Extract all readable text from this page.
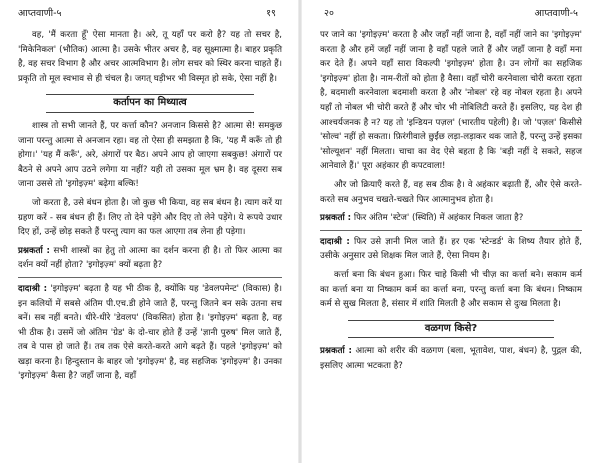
आप्तवाणी-५	१९

वह, 'मैं करता हूँ' ऐसा मानता है। अरे, तू यहाँ पर करो है? यह तो सचर है, 'मिकेनिकल' (भौतिक) आत्मा है। उसके भीतर अचर है, वह सूक्ष्मात्मा है। बाहर प्रकृति है, वह सचर विभाग है और अचर आत्मविभाग है। लोग सचर को स्थिर करना चाहते हैं। प्रकृति तो मूल स्वभाव से ही चंचल है। जगत् घड़ीभर भी विस्मृत हो सके, ऐसा नहीं है।

कर्तापन का मिथ्यात्व

शास्त्र तो सभी जानते हैं, पर कर्त्ता कौन? अनजान किससे है? आत्मा से! समकुछ जाना परन्तु आत्मा से अनजान रहा। वह तो ऐसा ही समझता है कि, 'यह मैं करूँ तो ही होगा।' 'यह मैं करूँ', अरे, अंगारों पर बैठ। अपने आप हो जाएगा सबकुछ! अंगारों पर बैठने से अपने आप उठने लगेगा या नहीं? यही तो उसका मूल भ्रम है। वह दूसरा सब जाना उससे तो 'इगोइज़्म' बढ़ेगा बल्कि!

जो करता है, उसे बंधन होता है। जो कुछ भी किया, वह सब बंधन है। त्याग करें या ग्रहण करें - सब बंधन ही हैं। लिए तो देने पड़ेंगे और दिए तो लेने पड़ेंगे। ये रूपये उधार दिए हों, उन्हें छोड़ सकते हैं परन्तु त्याग का फल आएगा तब लेना ही पड़ेगा।

प्रश्नकर्ता : सभी शास्त्रों का हेतु तो आत्मा का दर्शन करना ही है। तो फिर आत्मा का दर्शन क्यों नहीं होता? 'इगोइज़्म' क्यों बढ़ता है?

दादाश्री : 'इगोइज़्म' बढ़ता है यह भी ठीक है, क्योंकि यह 'डेवलपमेन्ट' (विकास) है। इन कलियों में सबसे अंतिम पी.एच.डी होने जाते हैं, परन्तु जितने बन सके उतना सच बनें। सब नहीं बनते। धीरे-धीरे 'डेवलप' (विकसित) होता है। 'इगोइज़्म' बढ़ता है, वह भी ठीक है। उसमें जो अंतिम 'ग्रेड' के दो-चार होते हैं उन्हें 'ज्ञानी पुरुष' मिल जाते हैं, तब वे पास हो जाते हैं। तब तक ऐसे करते-करते आगे बढ़ते हैं। पहले 'इगोइज़्म' को खड़ा करना है। हिन्दुस्तान के बाहर जो 'इगोइज़्म' है, वह सहजिक 'इगोइज़्म' है। उनका 'इगोइज़्म' कैसा है? जहाँ जाना है, वहाँ

२०	आप्तवाणी-५

पर जाने का 'इगोइज़्म' करता है और जहाँ नहीं जाना है, वहाँ नहीं जाने का 'इगोइज़्म' करता है और हमें जहाँ नहीं जाना है वहाँ पहले जाते हैं और जहाँ जाना है वहाँ मना कर देते हैं। अपने यहाँ सारा विकल्पी 'इगोइज़्म' होता है। उन लोगों का सहजिक 'इगोइज़्म' होता है। नाम-रीतों को होता है वैसा। वहाँ चोरी करनेवाला चोरी करता रहता है, बदमाशी करनेवाला बदमाशी करता है और 'नोबल' रहे वह नोबल रहता है। अपने यहाँ तो नोबल भी चोरी करते हैं और चोर भी नोबिलिटी करते हैं। इसलिए, यह देश ही आश्चर्यजनक है न? यह तो 'इन्डियन पज़ल' (भारतीय पहेली) है। जो 'पज़ल' किसीसे 'सोल्व' नहीं हो सकता। फ़िरंगीवाले छुईंछ लड़ा-लड़ाकर थक जाते हैं, परन्तु उन्हें इसका 'सोल्यूशन' नहीं मिलता। चाचा का वेद ऐसे बहता है कि 'बड़ी नहीं दे सकते, सहज आनेवाले हैं।' पूरा अहंकार ही कपटवाला!

और जो क्रियाएँ करते हैं, वह सब ठीक है। वे अहंकार बढ़ाती हैं, और ऐसे करते-करते सब अनुभव चखते-चखते फिर आत्मानुभव होता है।

प्रश्नकर्ता : फिर अंतिम 'स्टेज' (स्थिति) में अहंकार निकल जाता है?

दादाश्री : फिर उसे ज्ञानी मिल जाते हैं। हर एक 'स्टेन्डर्ड' के शिष्य तैयार होते हैं, उसीके अनुसार उसे शिक्षक मिल जाते हैं, ऐसा नियम है।

कर्त्ता बना कि बंधन हुआ। फिर चाहे किसी भी चीज़ का कर्त्ता बने। सकाम कर्म का कर्त्ता बना या निष्काम कर्म का कर्त्ता बना, परन्तु कर्त्ता बना कि बंधन। निष्काम कर्म से सुख मिलता है, संसार में शांति मिलती है और सकाम से दुःख मिलता है।

वळगण किसे?

प्रश्नकर्ता : आत्मा को शरीर की वळगण (बला, भूतावेश, पाश, बंधन) है, पुद्गल की, इसलिए आत्मा भटकता है?
